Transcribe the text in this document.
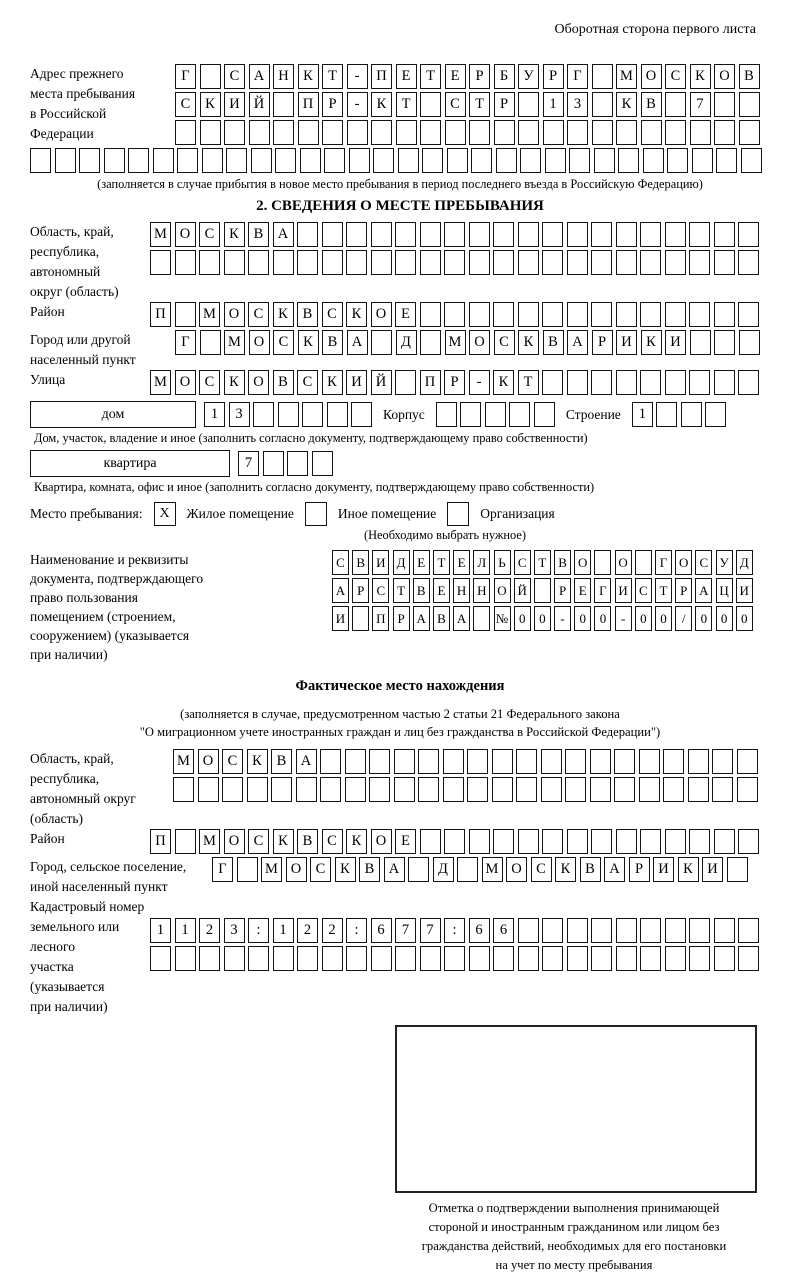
Оборотная сторона первого листа
Адрес прежнего
места пребывания
в Российской
Федерации
Г	С А Н К	Т	-	П	Е	Т	Е	Р	Б	У	Р	Г	М О С	К О В
С	К И Й	П	Р	-	К	Т	С	Т	Р	1	3	К	В	7
(заполняется в случае прибытия в новое место пребывания в период последнего въезда в Российскую Федерацию)
2. СВЕДЕНИЯ О МЕСТЕ ПРЕБЫВАНИЯ
Область, край,
республика,
автономный
округ (область)
М О С	К	В А
Район	П	М О С	К	В	С	К О	Е
Город или другой
населенный пункт
Г	М О С	К	В А	Д	М О С	К	В А	Р	И К И
Улица	М О С	К О В	С	К И Й	П	Р	-	К	Т
дом	1	3	Корпус	Строение	1
Дом, участок, владение и иное (заполнить согласно документу, подтверждающему право собственности)
квартира	7
Квартира, комната, офис и иное (заполнить согласно документу, подтверждающему право собственности)
Место пребывания:	X	Жилое помещение	Иное помещение	Организация
(Необходимо выбрать нужное)
Наименование и реквизиты
документа, подтверждающего
право пользования
помещением (строением,
сооружением) (указывается
при наличии)
С В И Д Е Т Е Л Ь С Т В О О	Г О С У Д
А Р С Т В Е Н Н О Й	Р Е Г И С Т Р А Ц И
И П Р А В А № 0	0	-	0	0	-	0	0	/	0	0	0
Фактическое место нахождения
(заполняется в случае, предусмотренном частью 2 статьи 21 Федерального закона
"О миграционном учете иностранных граждан и лиц без гражданства в Российской Федерации")
Область, край,
республика,
автономный округ
(область)
М О С	К	В А
Район	П	М О С	К	В	С	К О	Е
Город, сельское поселение,
иной населенный пункт
Г	М О С	К	В А	Д	М О С	К	В А	Р	И К И
Кадастровый номер
земельного или лесного
участка (указывается
при наличии)
1	1	2	3	:	1	2	2	:	6	7	7	:	6	6
Отметка о подтверждении выполнения принимающей
стороной и иностранным гражданином или лицом без
гражданства действий, необходимых для его постановки
на учет по месту пребывания
